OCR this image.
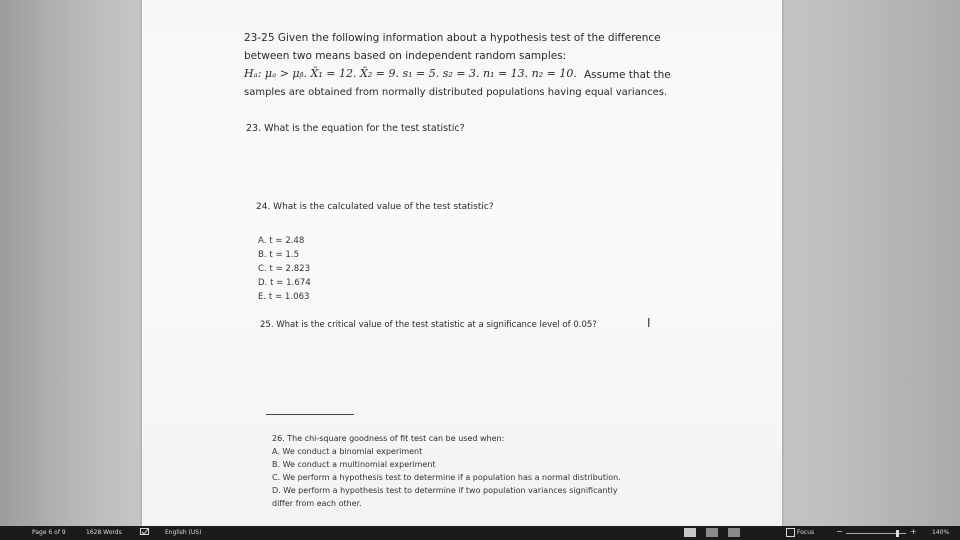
23-25 Given the following information about a hypothesis test of the difference
between two means based on independent random samples:
Hₐ: μₐ > μᵦ. X̄₁ = 12. X̄₂ = 9. s₁ = 5. s₂ = 3. n₁ = 13. n₂ = 10. Assume that the
samples are obtained from normally distributed populations having equal variances.
23. What is the equation for the test statistic?
24. What is the calculated value of the test statistic?
A. t = 2.48
B. t = 1.5
C. t = 2.823
D. t = 1.674
E. t = 1.063
25. What is the critical value of the test statistic at a significance level of 0.05?	I
26. The chi-square goodness of fit test can be used when:
A. We conduct a binomial experiment
B. We conduct a multinomial experiment
C. We perform a hypothesis test to determine if a population has a normal distribution.
D. We perform a hypothesis test to determine if two population variances significantly
differ from each other.
Page 6 of 9	1628 Words	English (US)	Focus	−	+	140%
